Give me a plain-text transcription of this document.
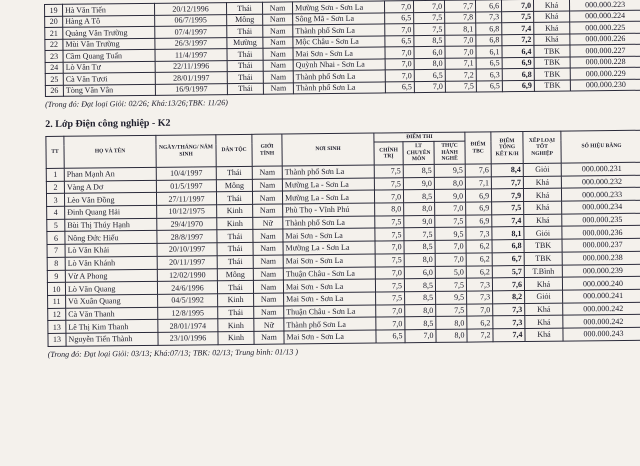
19	Hà Văn Tiến	20/12/1996	Thái	Nam	Mường Sơn - Sơn La	7,0	7,0	7,7	6,6	7,0	Khá	000.000.223
20	Hàng A Tô	06/7/1995	Mông	Nam	Sông Mã - Sơn La	6,5	7,5	7,8	7,3	7,5	Khá	000.000.224
21	Quàng Văn Trường	07/4/1997	Thái	Nam	Thành phố Sơn La	7,0	7,5	8,1	6,8	7,4	Khá	000.000.225
22	Mùi Văn Trường	26/3/1997	Mường	Nam	Mộc Châu - Sơn La	6,5	8,5	7,0	6,8	7,2	Khá	000.000.226
23	Cầm Quang Tuấn	11/4/1997	Thái	Nam	Mai Sơn - Sơn La	7,0	6,0	7,0	6,1	6,4	TBK	000.000.227
24	Lò Văn Tư	22/11/1996	Thái	Nam	Quỳnh Nhai - Sơn La	7,0	8,0	7,1	6,5	6,9	TBK	000.000.228
25	Cà Văn Tươi	28/01/1997	Thái	Nam	Thành phố Sơn La	7,0	6,5	7,2	6,3	6,8	TBK	000.000.229
26	Tòng Văn Vân	16/9/1997	Thái	Nam	Thành phố Sơn La	6,5	7,0	7,5	6,5	6,9	TBK	000.000.230
(Trong đó: Đạt loại Giỏi: 02/26; Khá:13/26;TBK: 11/26)
2. Lớp Điện công nghiệp - K2
TT	HỌ VÀ TÊN	NGÀY/THÁNG/ NĂM SINH	DÂN TỘC	GIỚI TÍNH	NƠI SINH	ĐIỂM THI			ĐIỂM TBC	ĐIỂM TỔNG KẾT K/H	XẾP LOẠI TỐT NGHIỆP	SỐ HIỆU BẰNG
						CHÍNH TRỊ	LT CHUYÊN MÔN	THỰC HÀNH NGHỀ				
1	Phan Mạnh An	10/4/1997	Thái	Nam	Thành phố Sơn La	7,5	8,5	9,5	7,6	8,4	Giỏi	000.000.231
2	Vàng A Dơ	01/5/1997	Mông	Nam	Mường La - Sơn La	7,5	9,0	8,0	7,1	7,7	Khá	000.000.232
3	Lèo Văn Đồng	27/11/1997	Thái	Nam	Mường La - Sơn La	7,0	8,5	9,0	6,9	7,9	Khá	000.000.233
4	Đinh Quang Hải	10/12/1975	Kinh	Nam	Phù Thọ - Vĩnh Phú	8,0	8,0	7,0	6,9	7,5	Khá	000.000.234
5	Bùi Thị Thúy Hạnh	29/4/1970	Kinh	Nữ	Thành phố Sơn La	7,5	9,0	7,5	6,9	7,4	Khá	000.000.235
6	Nông Đức Hiếu	28/8/1997	Thái	Nam	Mai Sơn - Sơn La	7,5	7,5	9,5	7,3	8,1	Giỏi	000.000.236
7	Lò Văn Khải	20/10/1997	Thái	Nam	Mường La - Sơn La	7,0	8,5	7,0	6,2	6,8	TBK	000.000.237
8	Lò Văn Khánh	20/11/1997	Thái	Nam	Mai Sơn - Sơn La	7,5	8,0	7,0	6,2	6,7	TBK	000.000.238
9	Vừ A Phong	12/02/1990	Mông	Nam	Thuận Châu - Sơn La	7,0	6,0	5,0	6,2	5,7	T.Bình	000.000.239
10	Lò Văn Quang	24/6/1996	Thái	Nam	Mai Sơn - Sơn La	7,5	8,5	7,5	7,3	7,6	Khá	000.000.240
11	Vũ Xuân Quang	04/5/1992	Kinh	Nam	Mai Sơn - Sơn La	7,5	8,5	9,5	7,3	8,2	Giỏi	000.000.241
12	Cà Văn Thanh	12/8/1995	Thái	Nam	Thuận Châu - Sơn La	7,0	8,0	7,5	7,0	7,3	Khá	000.000.242
13	Lê Thị Kim Thanh	28/01/1974	Kinh	Nữ	Thành phố Sơn La	7,0	8,5	8,0	6,2	7,3	Khá	000.000.242
13	Nguyễn Tiến Thành	23/10/1996	Kinh	Nam	Mai Sơn - Sơn La	6,5	7,0	8,0	7,2	7,4	Khá	000.000.243
(Trong đó: Đạt loại Giỏi: 03/13; Khá:07/13; TBK: 02/13; Trung bình: 01/13 )
